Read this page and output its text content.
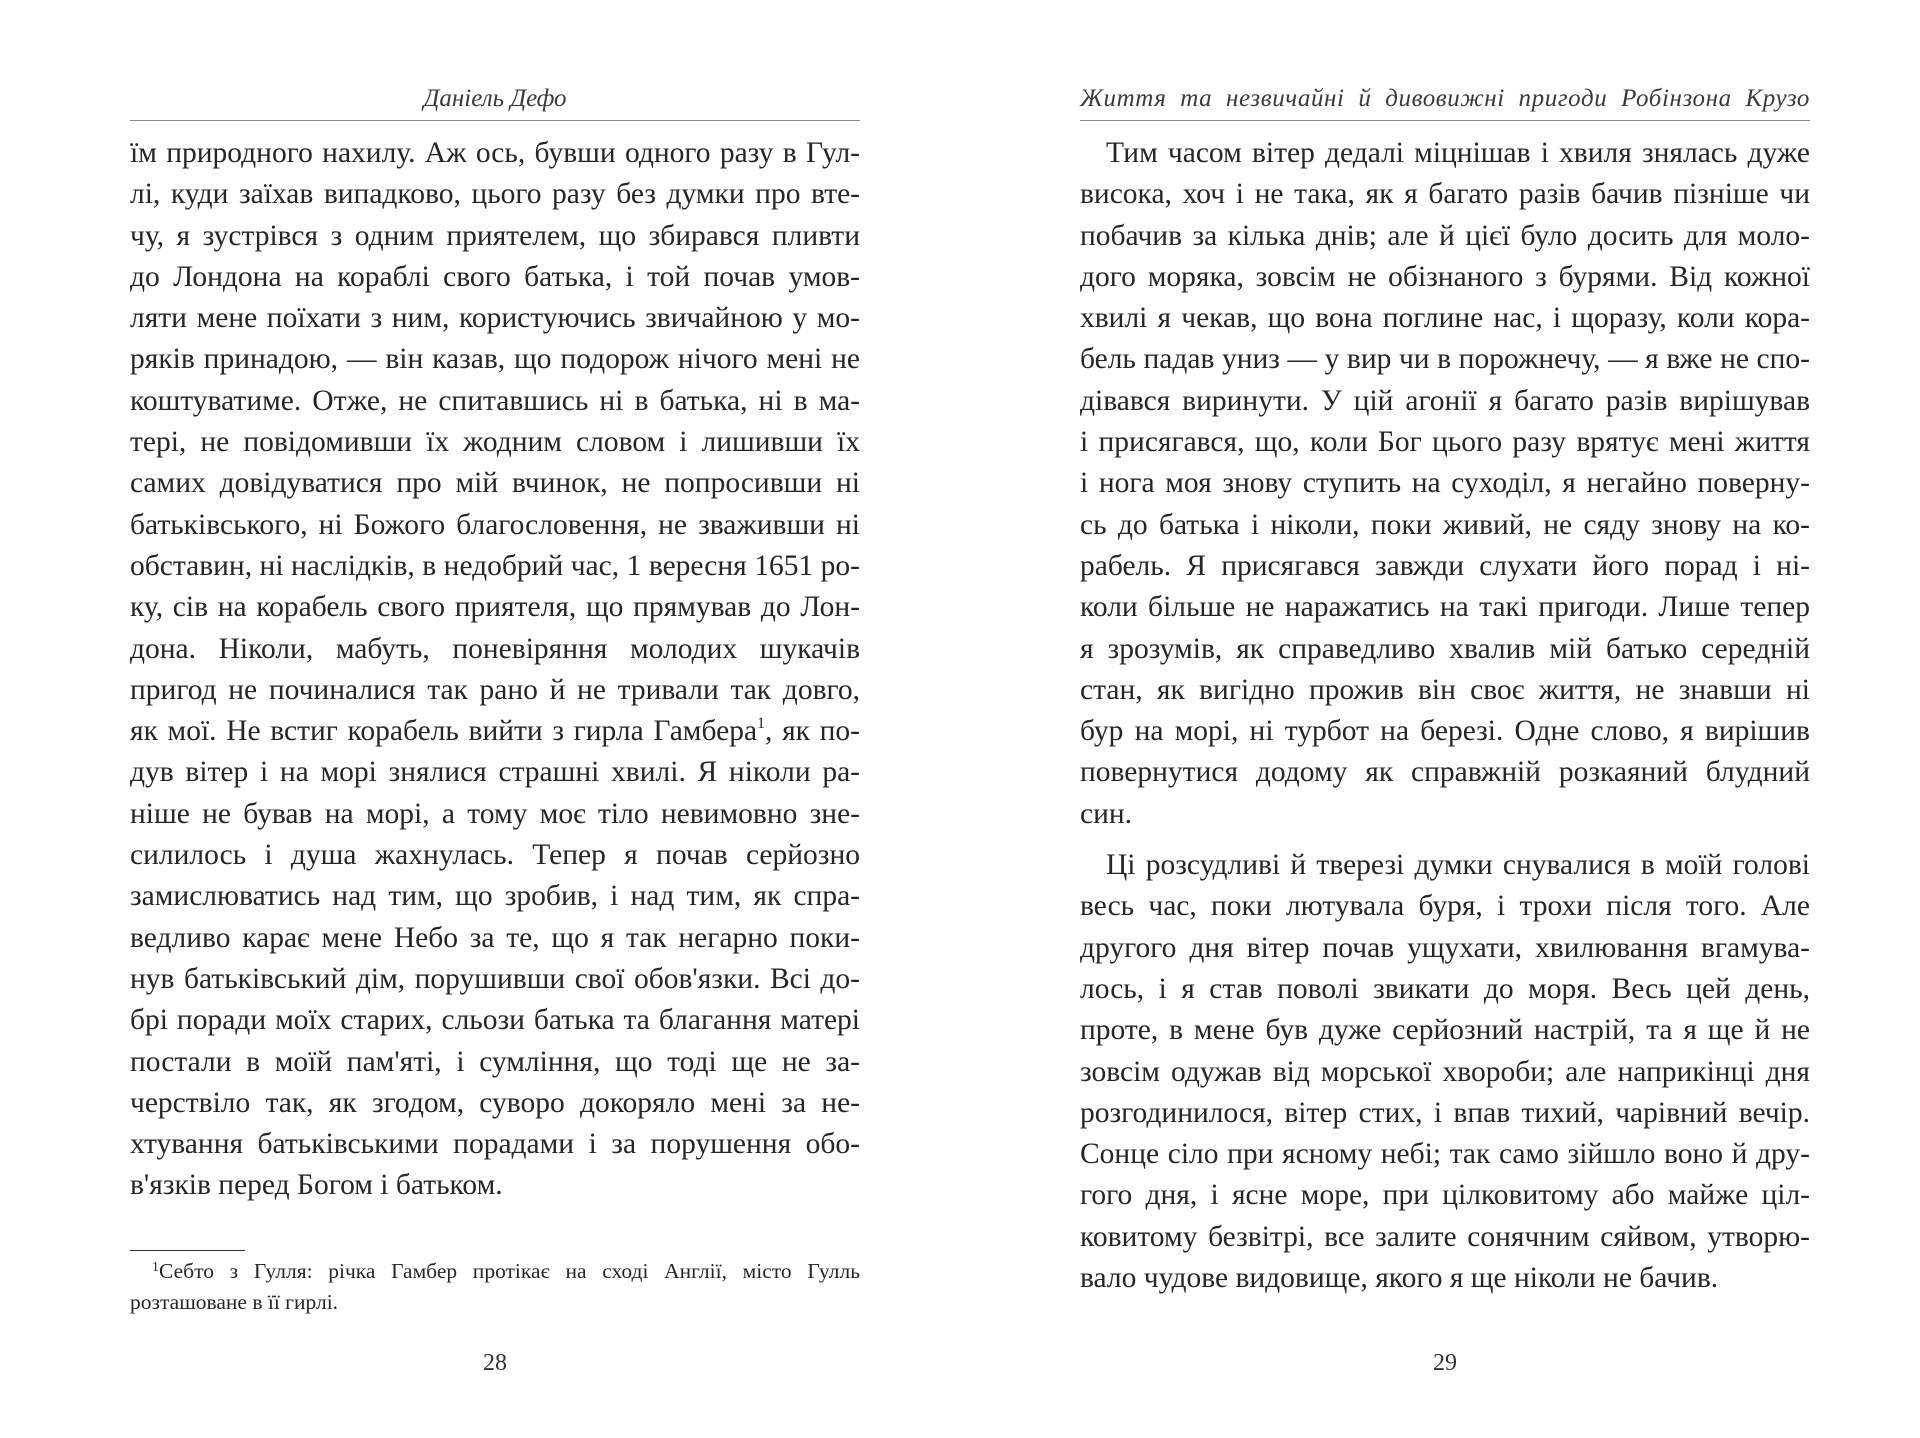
Даніель Дефо
їм природного нахилу. Аж ось, бувши одного разу в Гул-
лі, куди заїхав випадково, цього разу без думки про вте-
чу, я зустрівся з одним приятелем, що збирався пливти
до Лондона на кораблі свого батька, і той почав умов-
ляти мене поїхати з ним, користуючись звичайною у мо-
ряків принадою, — він казав, що подорож нічого мені не
коштуватиме. Отже, не спитавшись ні в батька, ні в ма-
тері, не повідомивши їх жодним словом і лишивши їх
самих довідуватися про мій вчинок, не попросивши ні
батьківського, ні Божого благословення, не зваживши ні
обставин, ні наслідків, в недобрий час, 1 вересня 1651 ро-
ку, сів на корабель свого приятеля, що прямував до Лон-
дона. Ніколи, мабуть, поневіряння молодих шукачів
пригод не починалися так рано й не тривали так довго,
як мої. Не встиг корабель вийти з гирла Гамбера$^1$, як по-
дув вітер і на морі знялися страшні хвилі. Я ніколи ра-
ніше не бував на морі, а тому моє тіло невимовно зне-
силилось і душа жахнулась. Тепер я почав серйозно
замислюватись над тим, що зробив, і над тим, як спра-
ведливо карає мене Небо за те, що я так негарно поки-
нув батьківський дім, порушивши свої обов'язки. Всі до-
брі поради моїх старих, сльози батька та благання матері
постали в моїй пам'яті, і сумління, що тоді ще не за-
черствіло так, як згодом, суворо докоряло мені за не-
хтування батьківськими порадами і за порушення обо-
в'язків перед Богом і батьком.
$^1$Себто з Гулля: річка Гамбер протікає на сході Англії, місто Гулль
розташоване в її гирлі.
28
Життя та незвичайні й дивовижні пригоди Робінзона Крузо
Тим часом вітер дедалі міцнішав і хвиля знялась дуже
висока, хоч і не така, як я багато разів бачив пізніше чи
побачив за кілька днів; але й цієї було досить для моло-
дого моряка, зовсім не обізнаного з бурями. Від кожної
хвилі я чекав, що вона поглине нас, і щоразу, коли кора-
бель падав униз — у вир чи в порожнечу, — я вже не спо-
дівався виринути. У цій агонії я багато разів вирішував
і присягався, що, коли Бог цього разу врятує мені життя
і нога моя знову ступить на суходіл, я негайно поверну-
сь до батька і ніколи, поки живий, не сяду знову на ко-
рабель. Я присягався завжди слухати його порад і ні-
коли більше не наражатись на такі пригоди. Лише тепер
я зрозумів, як справедливо хвалив мій батько середній
стан, як вигідно прожив він своє життя, не знавши ні
бур на морі, ні турбот на березі. Одне слово, я вирішив
повернутися додому як справжній розкаяний блудний
син.
Ці розсудливі й тверезі думки снувалися в моїй голові
весь час, поки лютувала буря, і трохи після того. Але
другого дня вітер почав ущухати, хвилювання вгамува-
лось, і я став поволі звикати до моря. Весь цей день,
проте, в мене був дуже серйозний настрій, та я ще й не
зовсім одужав від морської хвороби; але наприкінці дня
розгодинилося, вітер стих, і впав тихий, чарівний вечір.
Сонце сіло при ясному небі; так само зійшло воно й дру-
гого дня, і ясне море, при цілковитому або майже ціл-
ковитому безвітрі, все залите сонячним сяйвом, утворю-
вало чудове видовище, якого я ще ніколи не бачив.
29
